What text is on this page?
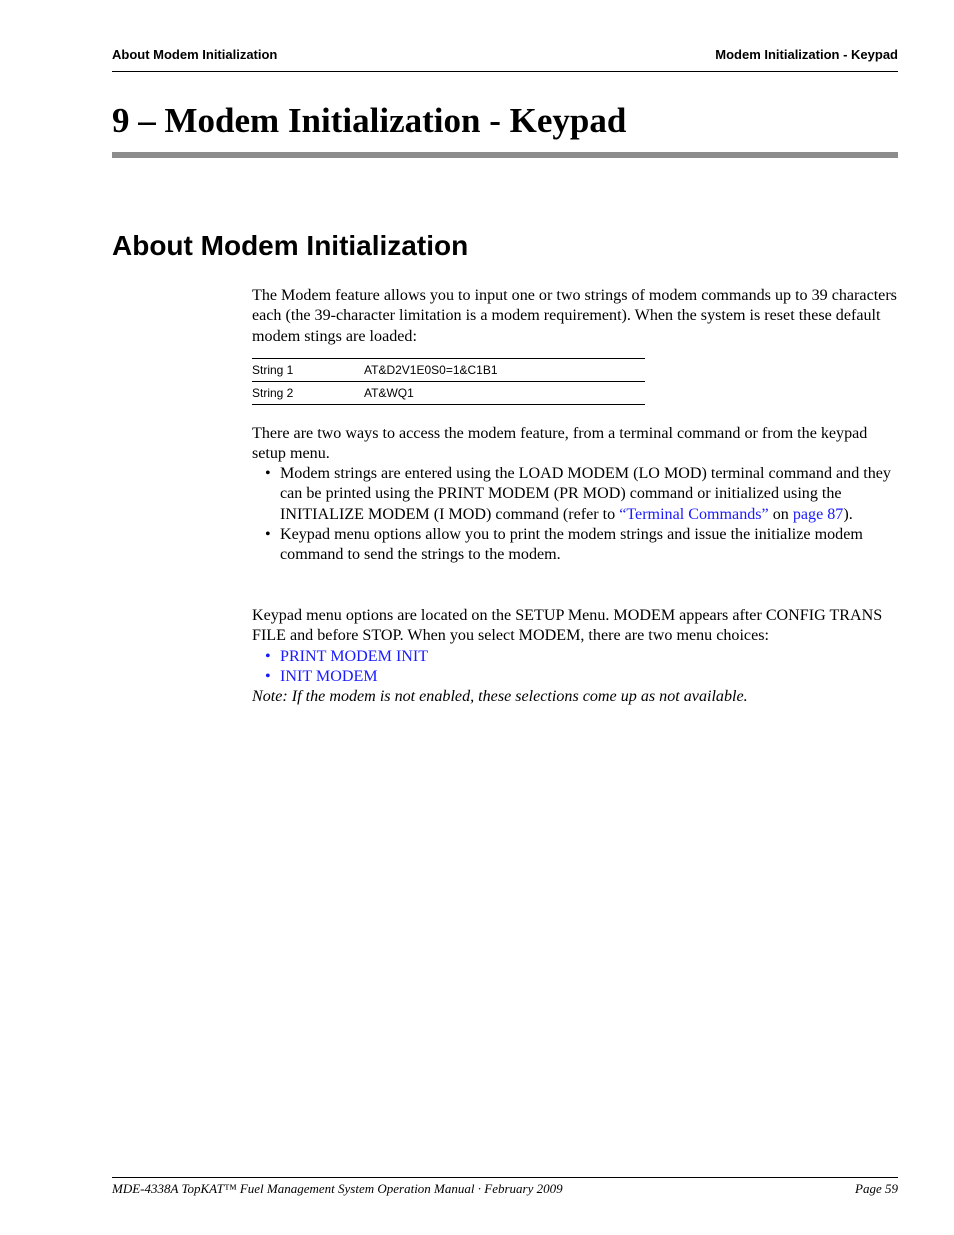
About Modem Initialization	Modem Initialization - Keypad
9 – Modem Initialization - Keypad
About Modem Initialization
The Modem feature allows you to input one or two strings of modem commands up to 39 characters each (the 39-character limitation is a modem requirement). When the system is reset these default modem stings are loaded:
String 1	AT&D2V1E0S0=1&C1B1
String 2	AT&WQ1
There are two ways to access the modem feature, from a terminal command or from the keypad setup menu.
• Modem strings are entered using the LOAD MODEM (LO MOD) terminal command and they can be printed using the PRINT MODEM (PR MOD) command or initialized using the INITIALIZE MODEM (I MOD) command (refer to “Terminal Commands” on page 87).
• Keypad menu options allow you to print the modem strings and issue the initialize modem command to send the strings to the modem.
Keypad menu options are located on the SETUP Menu. MODEM appears after CONFIG TRANS FILE and before STOP. When you select MODEM, there are two menu choices:
• PRINT MODEM INIT
• INIT MODEM
Note: If the modem is not enabled, these selections come up as not available.
MDE-4338A TopKAT™ Fuel Management System Operation Manual · February 2009	Page 59
